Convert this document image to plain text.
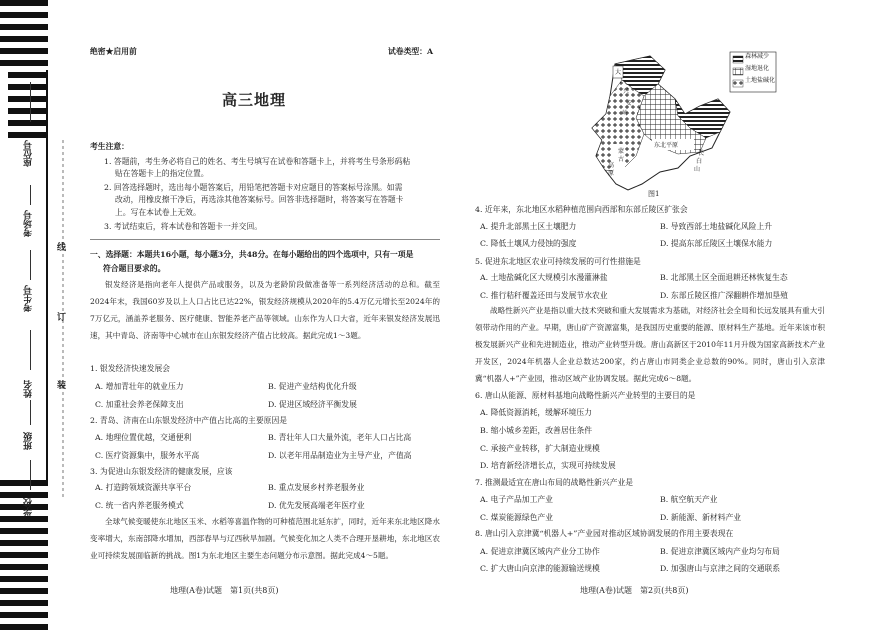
座位号
考场号
考生号
姓名
班级
学校
线
订
装
绝密★启用前	试卷类型：A
高三地理
考生注意：
1. 答题前，考生务必将自己的姓名、考生号填写在试卷和答题卡上，并将考生号条形码粘
贴在答题卡上的指定位置。
2. 回答选择题时，选出每小题答案后，用铅笔把答题卡对应题目的答案标号涂黑。如需
改动，用橡皮擦干净后，再选涂其他答案标号。回答非选择题时，将答案写在答题卡
上。写在本试卷上无效。
3. 考试结束后，将本试卷和答题卡一并交回。
一、选择题：本题共16小题，每小题3分，共48分。在每小题给出的四个选项中，只有一项是
符合题目要求的。
银发经济是指向老年人提供产品或服务，以及为老龄阶段做准备等一系列经济活动的总和。截至2024年末，我国60岁及以上人口占比已达22%，银发经济规模从2020年的5.4万亿元增长至2024年的7万亿元，涵盖养老服务、医疗健康、智能养老产品等领域。山东作为人口大省，近年来银发经济发展迅速，其中青岛、济南等中心城市在山东银发经济产值占比较高。据此完成1～3题。
1. 银发经济快速发展会
A. 增加青壮年的就业压力	B. 促进产业结构优化升级
C. 加重社会养老保障支出	D. 促进区域经济平衡发展
2. 青岛、济南在山东银发经济中产值占比高的主要原因是
A. 地理位置优越，交通便利	B. 青壮年人口大量外流，老年人口占比高
C. 医疗资源集中，服务水平高	D. 以老年用品制造业为主导产业，产值高
3. 为促进山东银发经济的健康发展，应该
A. 打造跨领域资源共享平台	B. 重点发展乡村养老服务业
C. 统一省内养老服务模式	D. 优先发展高端老年医疗业
全球气候变暖使东北地区玉米、水稻等喜温作物的可种植范围北延东扩，同时，近年来东北地区降水变率增大，东南部降水增加，西部春旱与辽西秋旱加剧。气候变化加之人类不合理开垦耕地，东北地区农业可持续发展面临新的挑战。图1为东北地区主要生态问题分布示意图。据此完成4～5题。
地理(A卷)试题　第1页(共8页)
森林减少
湿地退化
土地盐碱化
大
兴
安
岭
东北平原
长
白
山
蒙
古
高
原
图1
4. 近年来，东北地区水稻种植范围向西部和东部丘陵区扩张会
A. 提升北部黑土区土壤肥力	B. 导致西部土地盐碱化风险上升
C. 降低土壤风力侵蚀的强度	D. 提高东部丘陵区土壤保水能力
5. 促进东北地区农业可持续发展的可行性措施是
A. 土地盐碱化区大规模引水漫灌淋盐	B. 北部黑土区全面退耕还林恢复生态
C. 推行秸秆覆盖还田与发展节水农业	D. 东部丘陵区推广深翻耕作增加垦殖
战略性新兴产业是指以重大技术突破和重大发展需求为基础，对经济社会全局和长远发展具有重大引领带动作用的产业。早期，唐山矿产资源富集，是我国历史重要的能源、原材料生产基地。近年来该市积极发展新兴产业和先进制造业，推动产业转型升级。唐山高新区于2010年11月升级为国家高新技术产业开发区，2024年机器人企业总数达200家，约占唐山市同类企业总数的90%。同时，唐山引入京津冀“机器人+”产业园，推动区域产业协调发展。据此完成6～8题。
6. 唐山从能源、原材料基地向战略性新兴产业转型的主要目的是
A. 降低资源消耗，缓解环境压力
B. 缩小城乡差距，改善居住条件
C. 承接产业转移，扩大制造业规模
D. 培育新经济增长点，实现可持续发展
7. 推测最适宜在唐山布局的战略性新兴产业是
A. 电子产品加工产业	B. 航空航天产业
C. 煤炭能源绿色产业	D. 新能源、新材料产业
8. 唐山引入京津冀“机器人+”产业园对推动区域协调发展的作用主要表现在
A. 促进京津冀区域内产业分工协作	B. 促进京津冀区域内产业均匀布局
C. 扩大唐山向京津的能源输送规模	D. 加强唐山与京津之间的交通联系
地理(A卷)试题　第2页(共8页)
